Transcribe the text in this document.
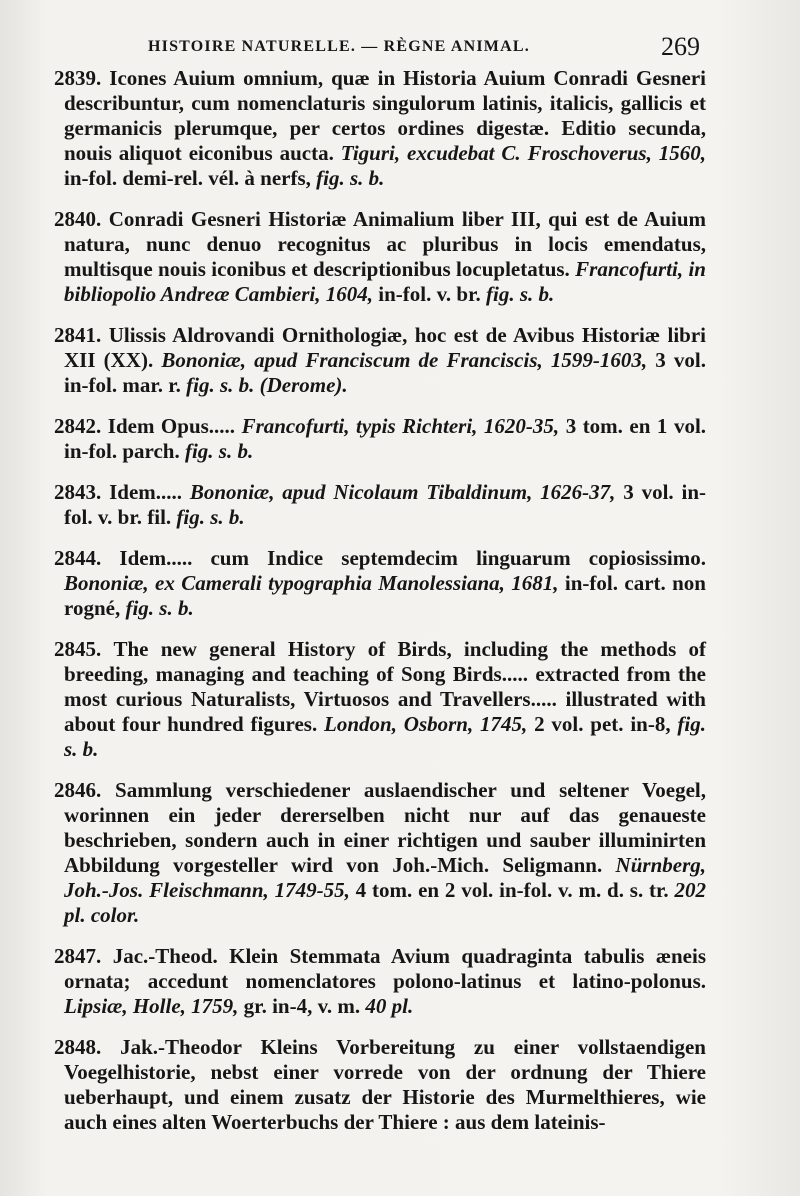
HISTOIRE NATURELLE. — RÈGNE ANIMAL.	269

2839. Icones Auium omnium, quæ in Historia Auium Conradi Gesneri describuntur, cum nomenclaturis singulorum latinis, italicis, gallicis et germanicis plerumque, per certos ordines digestæ. Editio secunda, nouis aliquot eiconibus aucta. Tiguri, excudebat C. Froschoverus, 1560, in-fol. demi-rel. vél. à nerfs, fig. s. b.

2840. Conradi Gesneri Historiæ Animalium liber III, qui est de Auium natura, nunc denuo recognitus ac pluribus in locis emendatus, multisque nouis iconibus et descriptionibus locupletatus. Francofurti, in bibliopolio Andreæ Cambieri, 1604, in-fol. v. br. fig. s. b.

2841. Ulissis Aldrovandi Ornithologiæ, hoc est de Avibus Historiæ libri XII (XX). Bononiæ, apud Franciscum de Franciscis, 1599-1603, 3 vol. in-fol. mar. r. fig. s. b. (Derome).

2842. Idem Opus..... Francofurti, typis Richteri, 1620-35, 3 tom. en 1 vol. in-fol. parch. fig. s. b.

2843. Idem..... Bononiæ, apud Nicolaum Tibaldinum, 1626-37, 3 vol. in-fol. v. br. fil. fig. s. b.

2844. Idem..... cum Indice septemdecim linguarum copiosissimo. Bononiæ, ex Camerali typographia Manolessiana, 1681, in-fol. cart. non rogné, fig. s. b.

2845. The new general History of Birds, including the methods of breeding, managing and teaching of Song Birds..... extracted from the most curious Naturalists, Virtuosos and Travellers..... illustrated with about four hundred figures. London, Osborn, 1745, 2 vol. pet. in-8, fig. s. b.

2846. Sammlung verschiedener auslaendischer und seltener Voegel, worinnen ein jeder dererselben nicht nur auf das genaueste beschrieben, sondern auch in einer richtigen und sauber illuminirten Abbildung vorgesteller wird von Joh.-Mich. Seligmann. Nürnberg, Joh.-Jos. Fleischmann, 1749-55, 4 tom. en 2 vol. in-fol. v. m. d. s. tr. 202 pl. color.

2847. Jac.-Theod. Klein Stemmata Avium quadraginta tabulis æneis ornata; accedunt nomenclatores polono-latinus et latino-polonus. Lipsiæ, Holle, 1759, gr. in-4, v. m. 40 pl.

2848. Jak.-Theodor Kleins Vorbereitung zu einer vollstaendigen Voegelhistorie, nebst einer vorrede von der ordnung der Thiere ueberhaupt, und einem zusatz der Historie des Murmelthieres, wie auch eines alten Woerterbuchs der Thiere : aus dem lateinis-
